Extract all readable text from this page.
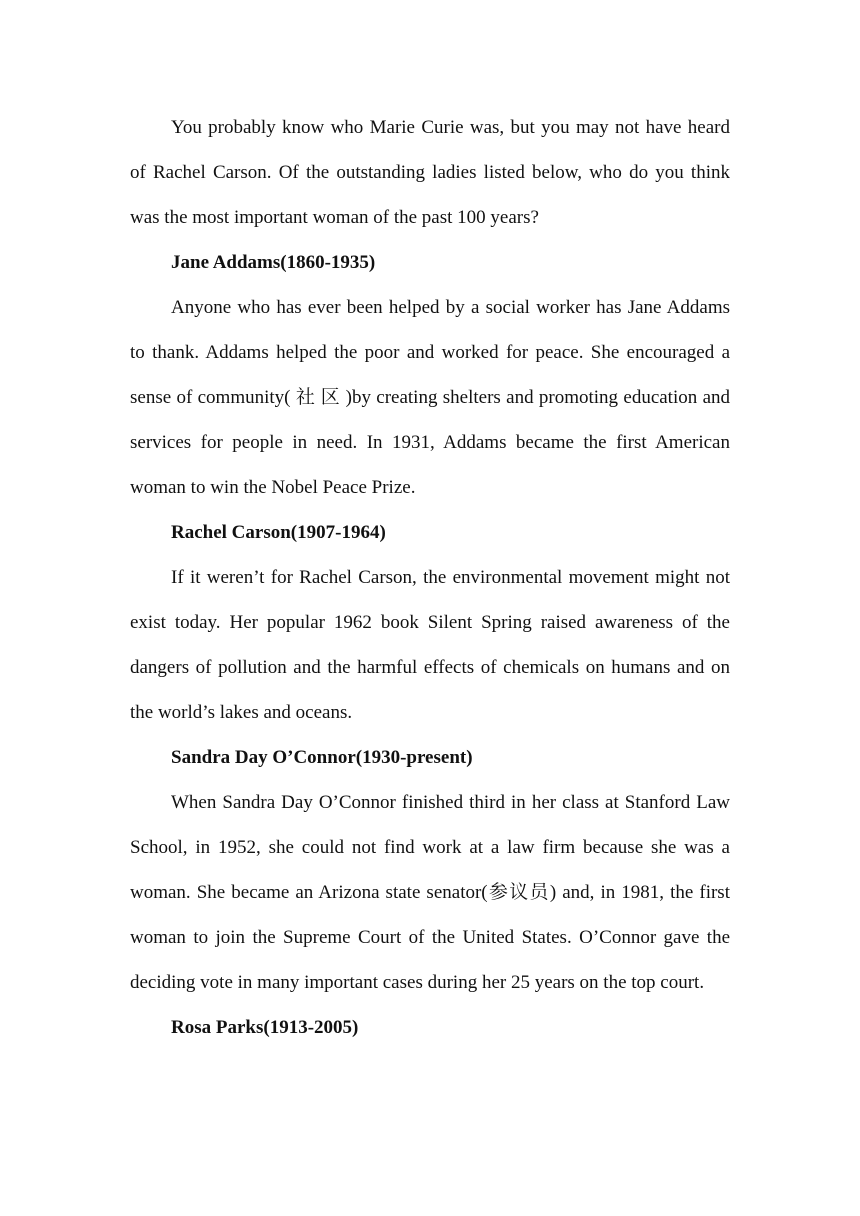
You probably know who Marie Curie was, but you may not have heard of Rachel Carson. Of the outstanding ladies listed below, who do you think was the most important woman of the past 100 years?

Jane Addams(1860-1935)

Anyone who has ever been helped by a social worker has Jane Addams to thank. Addams helped the poor and worked for peace. She encouraged a sense of community( 社 区 )by creating shelters and promoting education and services for people in need. In 1931, Addams became the first American woman to win the Nobel Peace Prize.

Rachel Carson(1907-1964)

If it weren’t for Rachel Carson, the environmental movement might not exist today. Her popular 1962 book Silent Spring raised awareness of the dangers of pollution and the harmful effects of chemicals on humans and on the world’s lakes and oceans.

Sandra Day O’Connor(1930-present)

When Sandra Day O’Connor finished third in her class at Stanford Law School, in 1952, she could not find work at a law firm because she was a woman. She became an Arizona state senator(参议员) and, in 1981, the first woman to join the Supreme Court of the United States. O’Connor gave the deciding vote in many important cases during her 25 years on the top court.

Rosa Parks(1913-2005)
